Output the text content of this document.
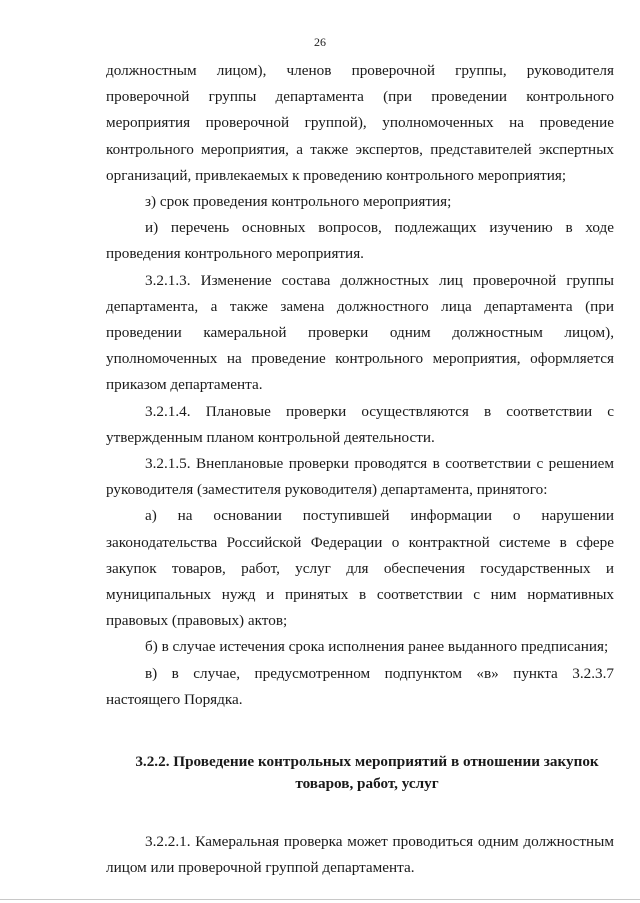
26

должностным лицом), членов проверочной группы, руководителя проверочной группы департамента (при проведении контрольного мероприятия проверочной группой), уполномоченных на проведение контрольного мероприятия, а также экспертов, представителей экспертных организаций, привлекаемых к проведению контрольного мероприятия;

з) срок проведения контрольного мероприятия;

и) перечень основных вопросов, подлежащих изучению в ходе проведения контрольного мероприятия.

3.2.1.3. Изменение состава должностных лиц проверочной группы департамента, а также замена должностного лица департамента (при проведении камеральной проверки одним должностным лицом), уполномоченных на проведение контрольного мероприятия, оформляется приказом департамента.

3.2.1.4. Плановые проверки осуществляются в соответствии с утвержденным планом контрольной деятельности.

3.2.1.5. Внеплановые проверки проводятся в соответствии с решением руководителя (заместителя руководителя) департамента, принятого:

а) на основании поступившей информации о нарушении законодательства Российской Федерации о контрактной системе в сфере закупок товаров, работ, услуг для обеспечения государственных и муниципальных нужд и принятых в соответствии с ним нормативных правовых (правовых) актов;

б) в случае истечения срока исполнения ранее выданного предписания;

в) в случае, предусмотренном подпунктом «в» пункта 3.2.3.7 настоящего Порядка.

3.2.2. Проведение контрольных мероприятий в отношении закупок
товаров, работ, услуг

3.2.2.1. Камеральная проверка может проводиться одним должностным лицом или проверочной группой департамента.
